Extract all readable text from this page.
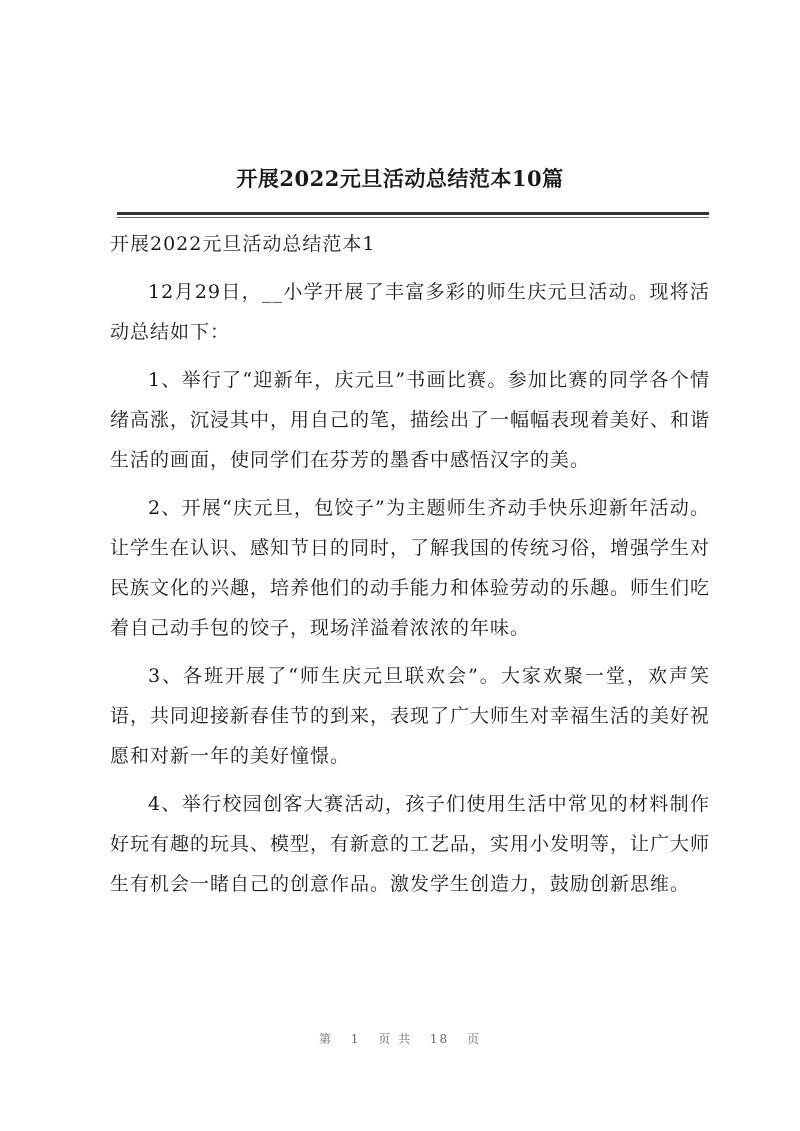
开展2022元旦活动总结范本10篇

开展2022元旦活动总结范本1

12月29日，__小学开展了丰富多彩的师生庆元旦活动。现将活动总结如下：

1、举行了“迎新年，庆元旦”书画比赛。参加比赛的同学各个情绪高涨，沉浸其中，用自己的笔，描绘出了一幅幅表现着美好、和谐生活的画面，使同学们在芬芳的墨香中感悟汉字的美。

2、开展“庆元旦，包饺子”为主题师生齐动手快乐迎新年活动。让学生在认识、感知节日的同时，了解我国的传统习俗，增强学生对民族文化的兴趣，培养他们的动手能力和体验劳动的乐趣。师生们吃着自己动手包的饺子，现场洋溢着浓浓的年味。

3、各班开展了“师生庆元旦联欢会”。大家欢聚一堂，欢声笑语，共同迎接新春佳节的到来，表现了广大师生对幸福生活的美好祝愿和对新一年的美好憧憬。

4、举行校园创客大赛活动，孩子们使用生活中常见的材料制作好玩有趣的玩具、模型，有新意的工艺品，实用小发明等，让广大师生有机会一睹自己的创意作品。激发学生创造力，鼓励创新思维。

第 1 页 共 18 页
